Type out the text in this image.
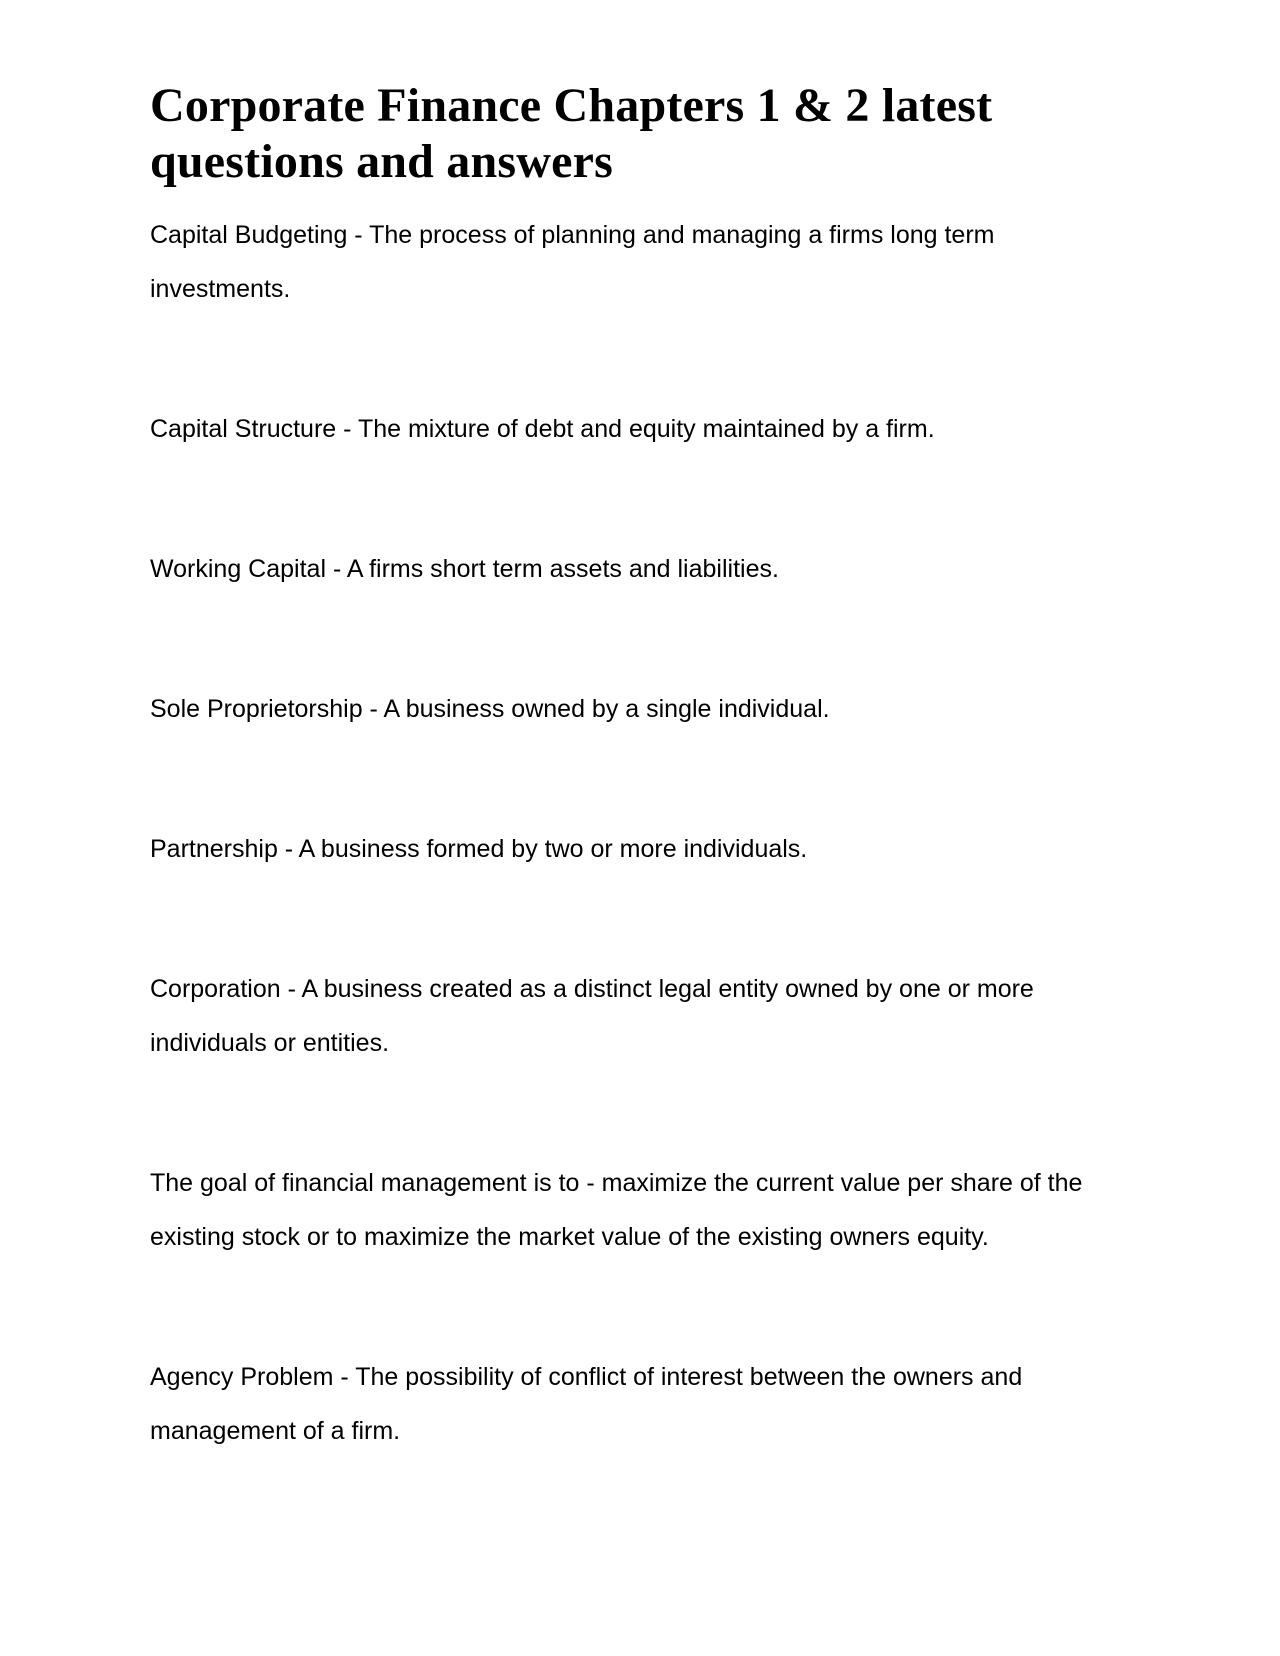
Corporate Finance Chapters 1 & 2 latest questions and answers
Capital Budgeting - The process of planning and managing a firms long term investments.
Capital Structure - The mixture of debt and equity maintained by a firm.
Working Capital - A firms short term assets and liabilities.
Sole Proprietorship - A business owned by a single individual.
Partnership - A business formed by two or more individuals.
Corporation - A business created as a distinct legal entity owned by one or more individuals or entities.
The goal of financial management is to - maximize the current value per share of the existing stock or to maximize the market value of the existing owners equity.
Agency Problem - The possibility of conflict of interest between the owners and management of a firm.
